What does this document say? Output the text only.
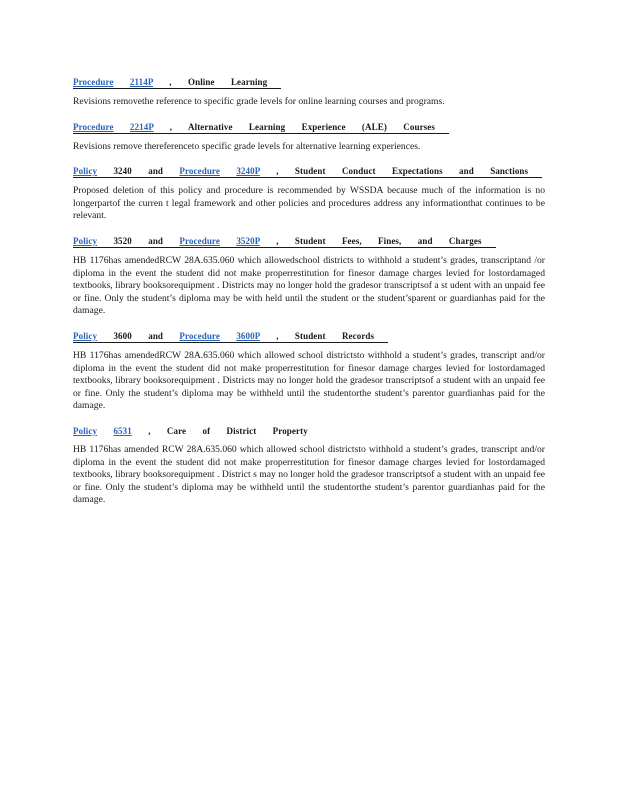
Procedure 2114P , Online Learning

Revisions removethe reference to specific grade levels for online learning courses and programs.

Procedure 2214P , Alternative Learning Experience (ALE) Courses

Revisions remove thereferenceto specific grade levels for alternative learning experiences.

Policy 3240 and Procedure 3240P , Student Conduct Expectations and Sanctions

Proposed deletion of this policy and procedure is recommended by WSSDA because much of the information is no longerpartof the curren t legal framework and other policies and procedures address any informationthat continues to be relevant.

Policy 3520 and Procedure 3520P , Student Fees, Fines, and Charges

HB 1176has amendedRCW 28A.635.060 which allowedschool districts to withhold a student’s grades, transcriptand /or diploma in the event the student did not make properrestitution for finesor damage charges levied for lostordamaged textbooks, library booksorequipment . Districts may no longer hold the gradesor transcriptsof a st udent with an unpaid fee or fine. Only the student’s diploma may be with held until the student or the student’sparent or guardianhas paid for the damage.

Policy 3600 and Procedure 3600P , Student Records

HB 1176has amendedRCW 28A.635.060 which allowed school districtsto withhold a student’s grades, transcript and/or diploma in the event the student did not make properrestitution for finesor damage charges levied for lostordamaged textbooks, library booksorequipment . Districts may no longer hold the gradesor transcriptsof a student with an unpaid fee or fine. Only the student’s diploma may be withheld until the studentorthe student’s parentor guardianhas paid for the damage.

Policy 6531 , Care of District Property

HB 1176has amended RCW 28A.635.060 which allowed school districtsto withhold a student’s grades, transcript and/or diploma in the event the student did not make properrestitution for finesor damage charges levied for lostordamaged textbooks, library booksorequipment . District s may no longer hold the gradesor transcriptsof a student with an unpaid fee or fine. Only the student’s diploma may be withheld until the studentorthe student’s parentor guardianhas paid for the damage.
